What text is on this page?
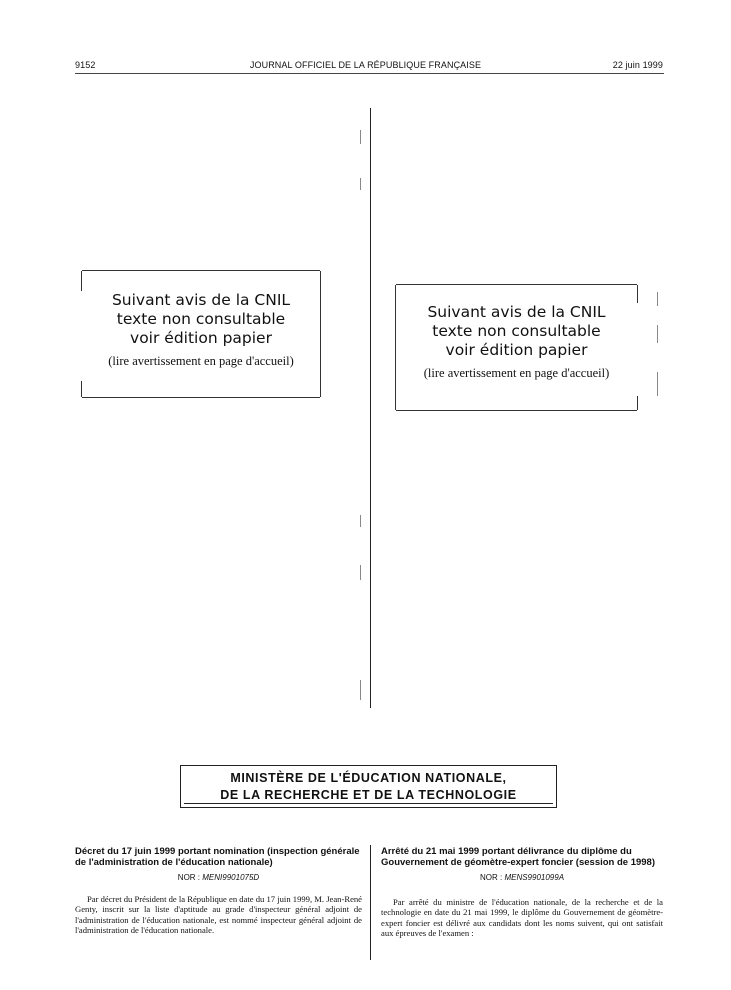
9152	JOURNAL OFFICIEL DE LA RÉPUBLIQUE FRANÇAISE	22 juin 1999
Suivant avis de la CNIL
texte non consultable
voir édition papier
(lire avertissement en page d'accueil)
Suivant avis de la CNIL
texte non consultable
voir édition papier
(lire avertissement en page d'accueil)
MINISTÈRE DE L'ÉDUCATION NATIONALE,
DE LA RECHERCHE ET DE LA TECHNOLOGIE
Décret du 17 juin 1999 portant nomination (inspection générale de l'administration de l'éducation nationale)
NOR : MENI9901075D
Par décret du Président de la République en date du 17 juin 1999, M. Jean-René Genty, inscrit sur la liste d'aptitude au grade d'inspecteur général adjoint de l'administration de l'éducation nationale, est nommé inspecteur général adjoint de l'administration de l'éducation nationale.
Arrêté du 21 mai 1999 portant délivrance du diplôme du Gouvernement de géomètre-expert foncier (session de 1998)
NOR : MENS9901099A
Par arrêté du ministre de l'éducation nationale, de la recherche et de la technologie en date du 21 mai 1999, le diplôme du Gouvernement de géomètre-expert foncier est délivré aux candidats dont les noms suivent, qui ont satisfait aux épreuves de l'examen :
